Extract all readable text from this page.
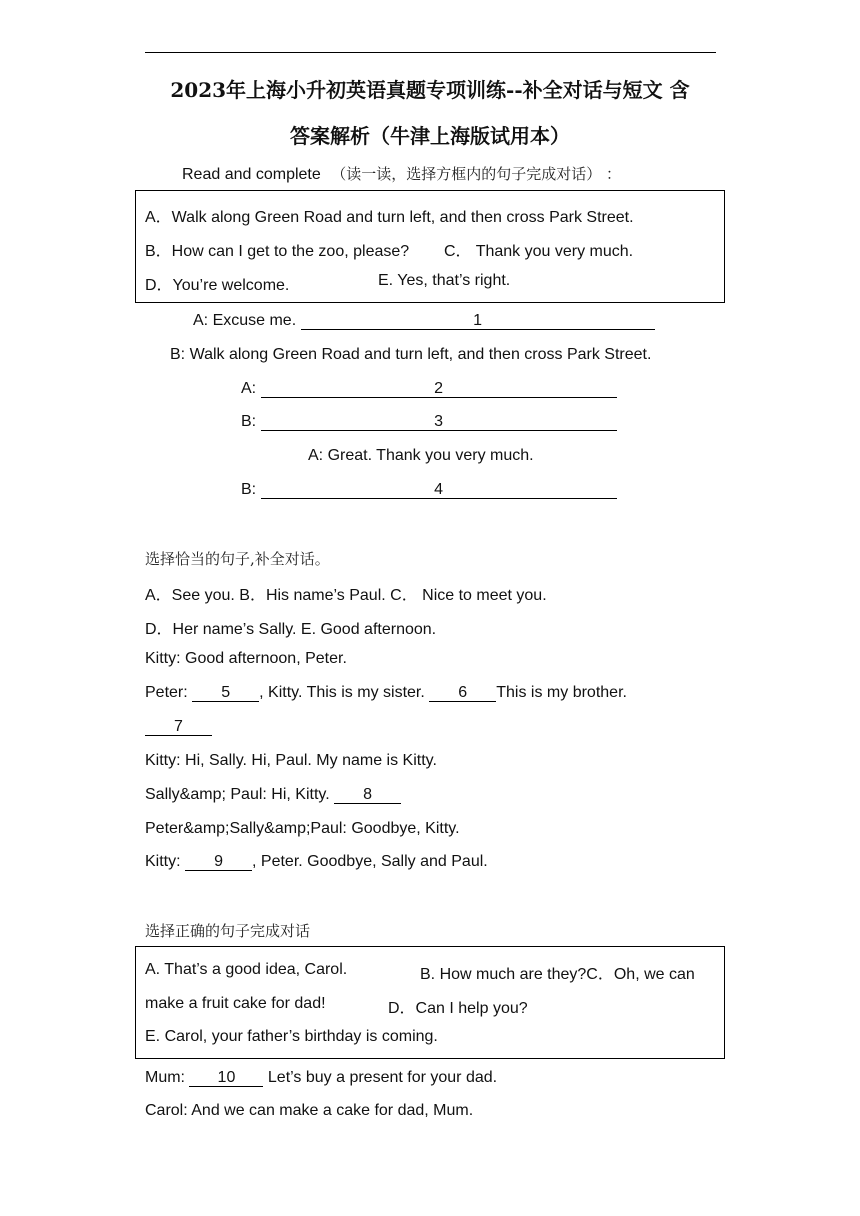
2023年上海小升初英语真题专项训练--补全对话与短文 含
答案解析（牛津上海版试用本）
Read and complete （读一读，选择方框内的句子完成对话） ：
A．Walk along Green Road and turn left, and then cross Park Street.
B．How can I get to the zoo, please? C． Thank you very much.
D．You’re welcome.	E. Yes, that’s right.
A: Excuse me.	1
B: Walk along Green Road and turn left, and then cross Park Street.
A:	2
B:	3
A: Great. Thank you very much.
B:	4
选择恰当的句子,补全对话。
A．See you. B．His name’s Paul. C． Nice to meet you.
D．Her name’s Sally. E. Good afternoon.
Kitty: Good afternoon, Peter.
Peter: 5 , Kitty. This is my sister. 6 This is my brother.
7
Kitty: Hi, Sally. Hi, Paul. My name is Kitty.
Sally&amp; Paul: Hi, Kitty. 8
Peter&amp;Sally&amp;Paul: Goodbye, Kitty.
Kitty: 9 , Peter. Goodbye, Sally and Paul.
选择正确的句子完成对话
A. That’s a good idea, Carol.	B. How much are they?C．Oh, we can
make a fruit cake for dad!	D．Can I help you?
E. Carol, your father’s birthday is coming.
Mum: 10 Let’s buy a present for your dad.
Carol: And we can make a cake for dad, Mum.
